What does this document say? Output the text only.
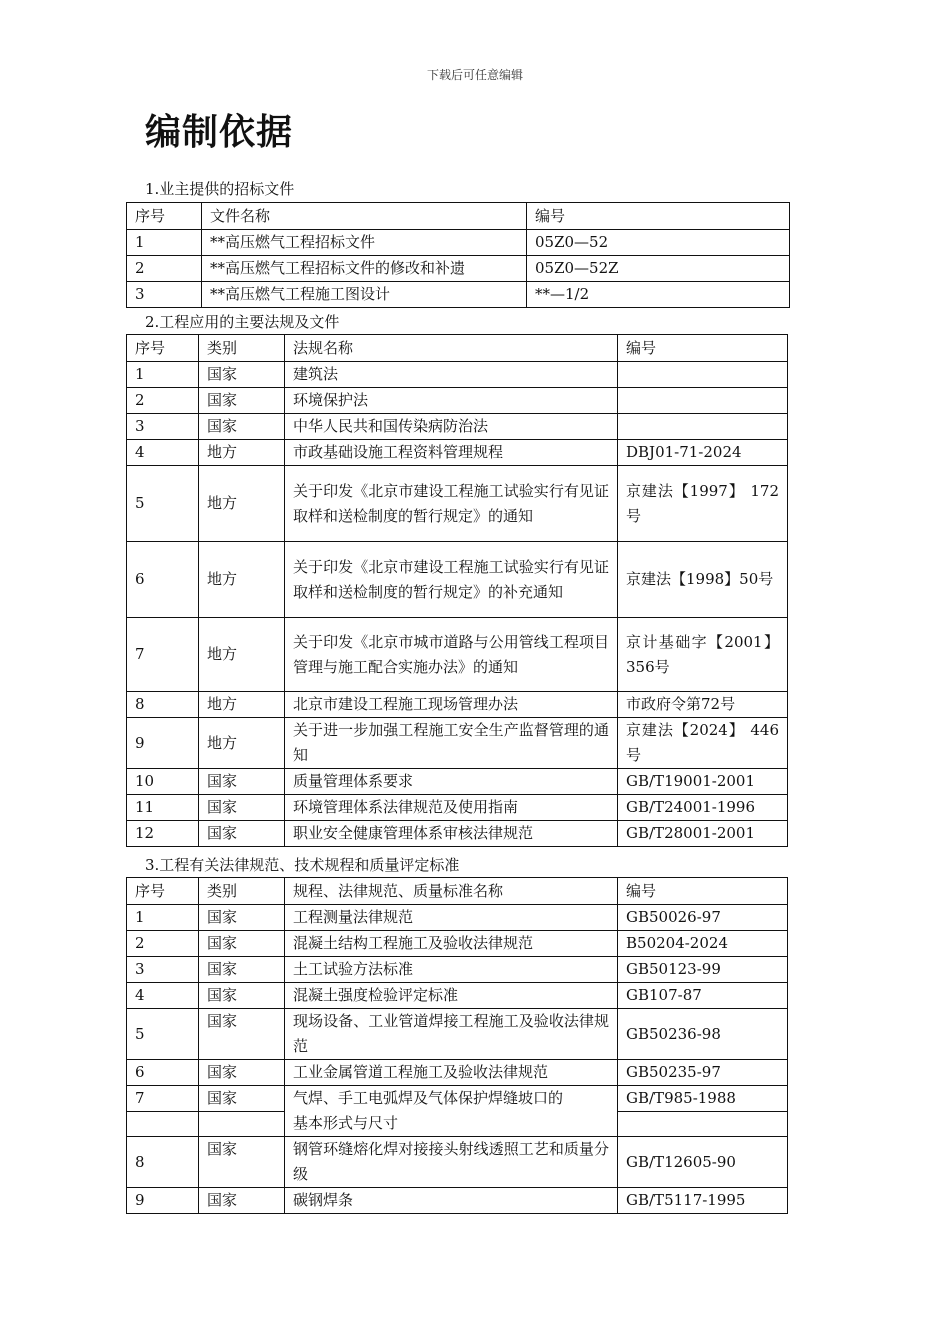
下载后可任意编辑
编制依据
1.业主提供的招标文件
序号	文件名称	编号
1	**高压燃气工程招标文件	05Z0—52
2	**高压燃气工程招标文件的修改和补遗	05Z0—52Z
3	**高压燃气工程施工图设计	**—1/2
2.工程应用的主要法规及文件
序号	类别	法规名称	编号
1	国家	建筑法	
2	国家	环境保护法	
3	国家	中华人民共和国传染病防治法	
4	地方	市政基础设施工程资料管理规程	DBJ01-71-2024
5	地方	关于印发《北京市建设工程施工试验实行有见证取样和送检制度的暂行规定》的通知	京建法【1997】 172号
6	地方	关于印发《北京市建设工程施工试验实行有见证取样和送检制度的暂行规定》的补充通知	京建法【1998】50号
7	地方	关于印发《北京市城市道路与公用管线工程项目管理与施工配合实施办法》的通知	京计基础字【2001】356号
8	地方	北京市建设工程施工现场管理办法	市政府令第72号
9	地方	关于进一步加强工程施工安全生产监督管理的通知	京建法【2024】 446号
10	国家	质量管理体系要求	GB/T19001-2001
11	国家	环境管理体系法律规范及使用指南	GB/T24001-1996
12	国家	职业安全健康管理体系审核法律规范	GB/T28001-2001
3.工程有关法律规范、技术规程和质量评定标准
序号	类别	规程、法律规范、质量标准名称	编号
1	国家	工程测量法律规范	GB50026-97
2	国家	混凝土结构工程施工及验收法律规范	B50204-2024
3	国家	土工试验方法标准	GB50123-99
4	国家	混凝土强度检验评定标准	GB107-87
5	国家	现场设备、工业管道焊接工程施工及验收法律规范	GB50236-98
6	国家	工业金属管道工程施工及验收法律规范	GB50235-97
7	国家	气焊、手工电弧焊及气体保护焊缝坡口的基本形式与尺寸	GB/T985-1988

8	国家	钢管环缝熔化焊对接接头射线透照工艺和质量分级	GB/T12605-90
9	国家	碳钢焊条	GB/T5117-1995
